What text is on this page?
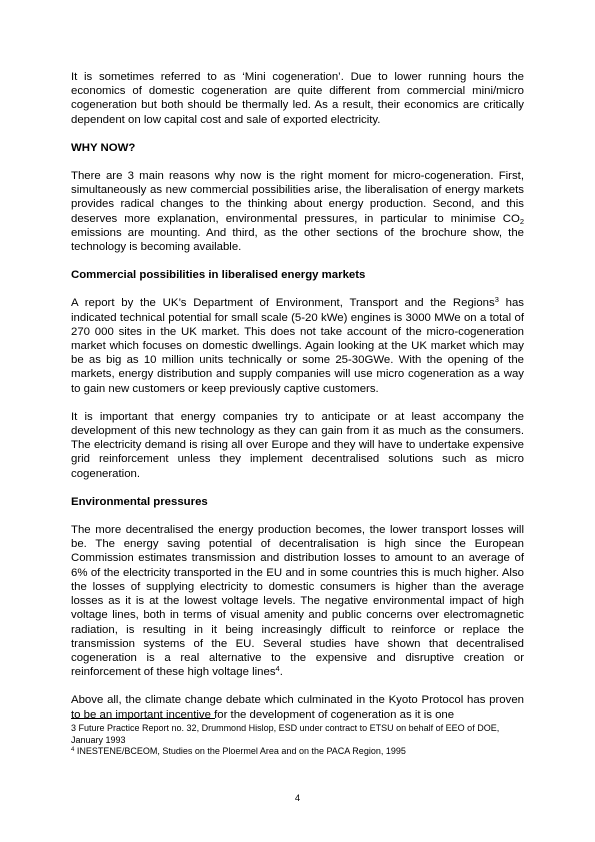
It is sometimes referred to as ‘Mini cogeneration’. Due to lower running hours the economics of domestic cogeneration are quite different from commercial mini/micro cogeneration but both should be thermally led. As a result, their economics are critically dependent on low capital cost and sale of exported electricity.

WHY NOW?

There are 3 main reasons why now is the right moment for micro-cogeneration. First, simultaneously as new commercial possibilities arise, the liberalisation of energy markets provides radical changes to the thinking about energy production. Second, and this deserves more explanation, environmental pressures, in particular to minimise $CO_2$ emissions are mounting. And third, as the other sections of the brochure show, the technology is becoming available.

Commercial possibilities in liberalised energy markets

A report by the UK’s Department of Environment, Transport and the Regions$^3$ has indicated technical potential for small scale (5-20 kWe) engines is 3000 MWe on a total of 270 000 sites in the UK market. This does not take account of the micro-cogeneration market which focuses on domestic dwellings. Again looking at the UK market which may be as big as 10 million units technically or some 25-30GWe. With the opening of the markets, energy distribution and supply companies will use micro cogeneration as a way to gain new customers or keep previously captive customers.

It is important that energy companies try to anticipate or at least accompany the development of this new technology as they can gain from it as much as the consumers. The electricity demand is rising all over Europe and they will have to undertake expensive grid reinforcement unless they implement decentralised solutions such as micro cogeneration.

Environmental pressures

The more decentralised the energy production becomes, the lower transport losses will be. The energy saving potential of decentralisation is high since the European Commission estimates transmission and distribution losses to amount to an average of 6% of the electricity transported in the EU and in some countries this is much higher. Also the losses of supplying electricity to domestic consumers is higher than the average losses as it is at the lowest voltage levels. The negative environmental impact of high voltage lines, both in terms of visual amenity and public concerns over electromagnetic radiation, is resulting in it being increasingly difficult to reinforce or replace the transmission systems of the EU. Several studies have shown that decentralised cogeneration is a real alternative to the expensive and disruptive creation or reinforcement of these high voltage lines$^4$.

Above all, the climate change debate which culminated in the Kyoto Protocol has proven to be an important incentive for the development of cogeneration as it is one

3 Future Practice Report no. 32, Drummond Hislop, ESD under contract to ETSU on behalf of EEO of DOE, January 1993

$^4$ INESTENE/BCEOM, Studies on the Ploermel Area and on the PACA Region, 1995

4
